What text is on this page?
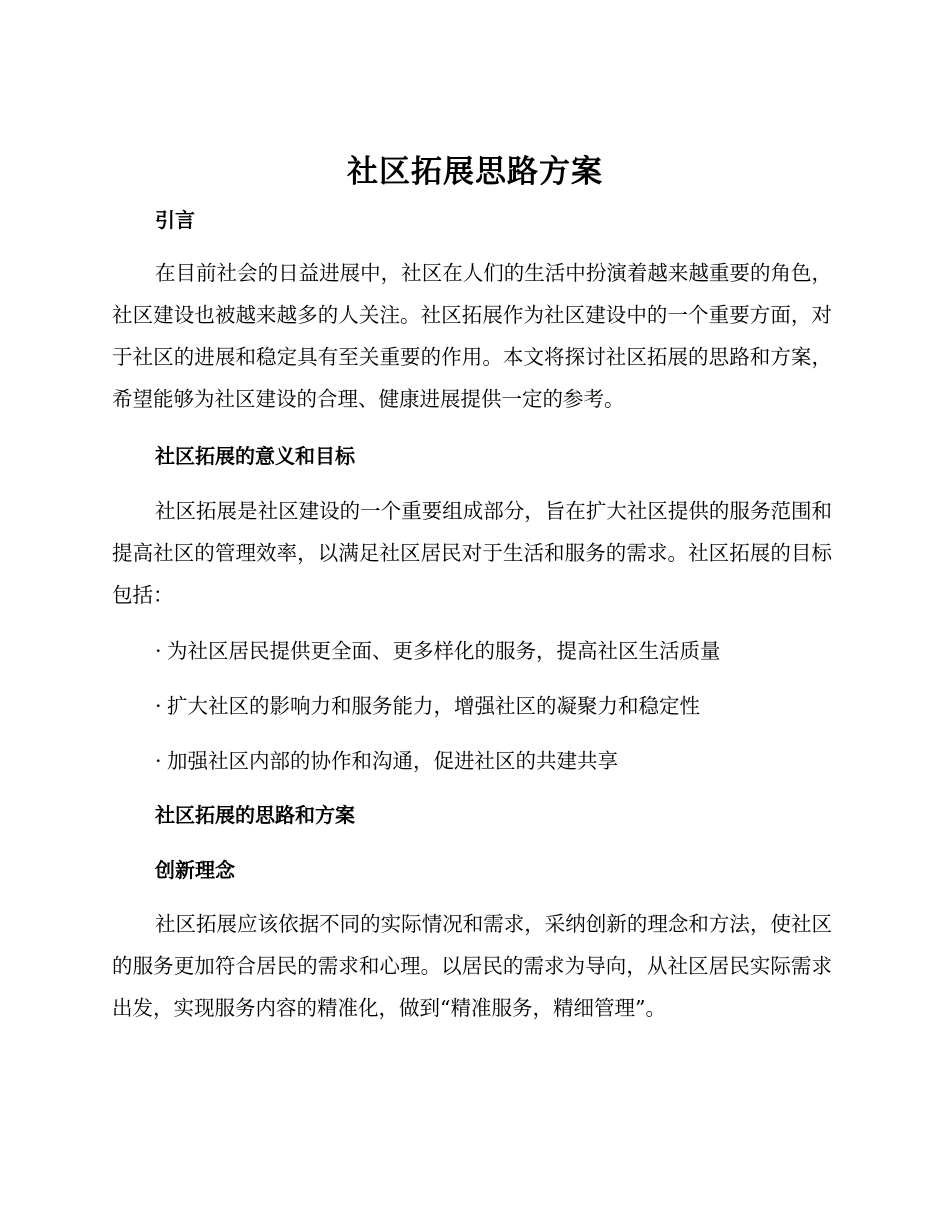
社区拓展思路方案
引言
在目前社会的日益进展中，社区在人们的生活中扮演着越来越重要的角色，社区建设也被越来越多的人关注。社区拓展作为社区建设中的一个重要方面，对于社区的进展和稳定具有至关重要的作用。本文将探讨社区拓展的思路和方案，希望能够为社区建设的合理、健康进展提供一定的参考。
社区拓展的意义和目标
社区拓展是社区建设的一个重要组成部分，旨在扩大社区提供的服务范围和提高社区的管理效率，以满足社区居民对于生活和服务的需求。社区拓展的目标包括：
· 为社区居民提供更全面、更多样化的服务，提高社区生活质量
· 扩大社区的影响力和服务能力，增强社区的凝聚力和稳定性
· 加强社区内部的协作和沟通，促进社区的共建共享
社区拓展的思路和方案
创新理念
社区拓展应该依据不同的实际情况和需求，采纳创新的理念和方法，使社区的服务更加符合居民的需求和心理。以居民的需求为导向，从社区居民实际需求出发，实现服务内容的精准化，做到“精准服务，精细管理”。
